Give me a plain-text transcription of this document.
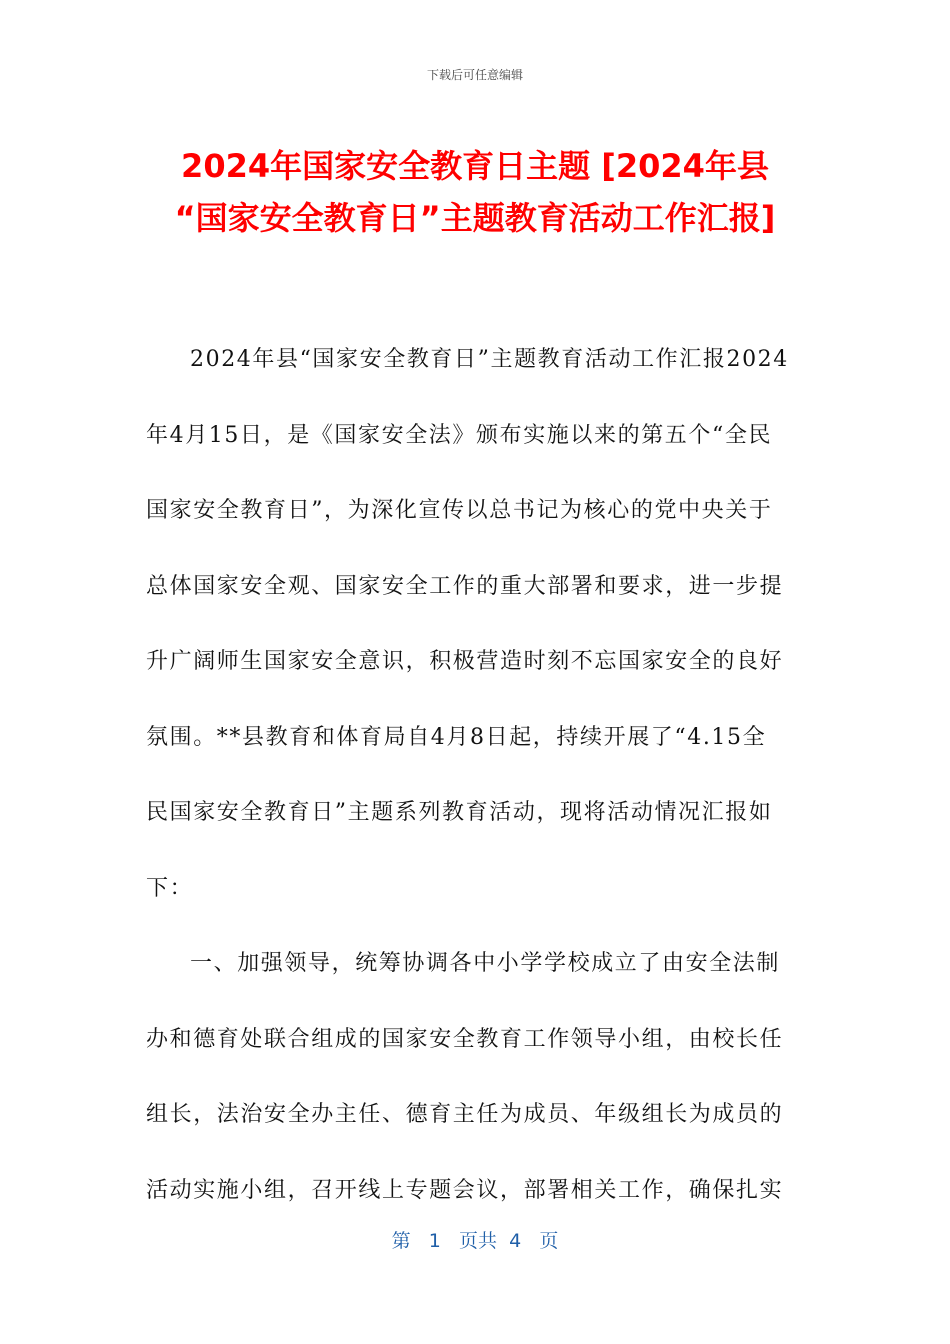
下载后可任意编辑
2024年国家安全教育日主题 [2024年县
“国家安全教育日”主题教育活动工作汇报]

2024年县“国家安全教育日”主题教育活动工作汇报2024
年4月15日，是《国家安全法》颁布实施以来的第五个“全民
国家安全教育日”，为深化宣传以总书记为核心的党中央关于
总体国家安全观、国家安全工作的重大部署和要求，进一步提
升广阔师生国家安全意识，积极营造时刻不忘国家安全的良好
氛围。**县教育和体育局自4月8日起，持续开展了“4.15全
民国家安全教育日”主题系列教育活动，现将活动情况汇报如
下：

一、加强领导，统筹协调各中小学学校成立了由安全法制
办和德育处联合组成的国家安全教育工作领导小组，由校长任
组长，法治安全办主任、德育主任为成员、年级组长为成员的
活动实施小组，召开线上专题会议，部署相关工作，确保扎实

第 1 页共 4 页
